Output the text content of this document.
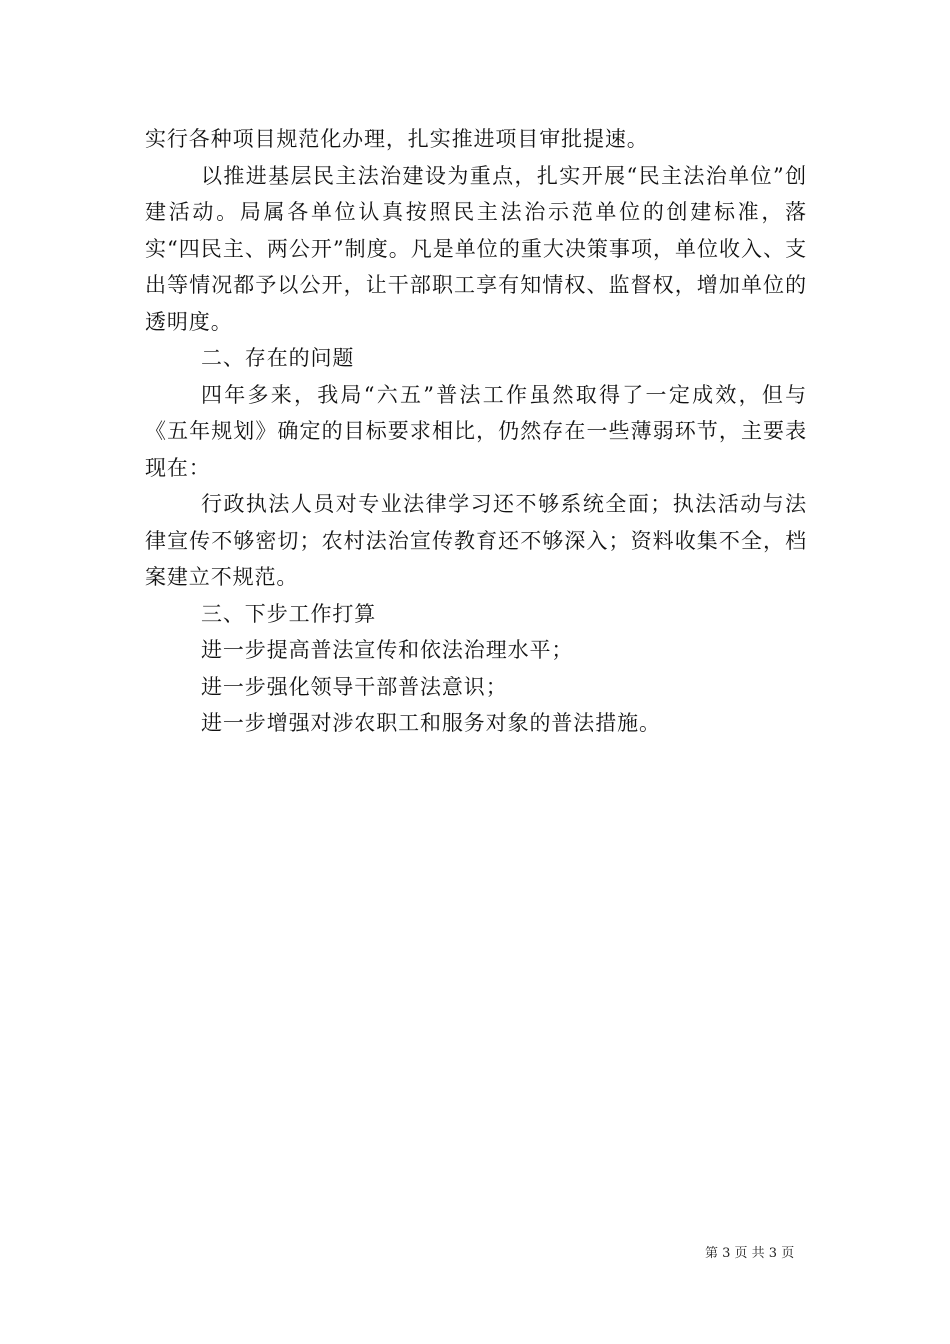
实行各种项目规范化办理，扎实推进项目审批提速。

以推进基层民主法治建设为重点，扎实开展“民主法治单位”创建活动。局属各单位认真按照民主法治示范单位的创建标准，落实“四民主、两公开”制度。凡是单位的重大决策事项，单位收入、支出等情况都予以公开，让干部职工享有知情权、监督权，增加单位的透明度。

二、存在的问题

四年多来，我局“六五”普法工作虽然取得了一定成效，但与《五年规划》确定的目标要求相比，仍然存在一些薄弱环节，主要表现在：

行政执法人员对专业法律学习还不够系统全面；执法活动与法律宣传不够密切；农村法治宣传教育还不够深入；资料收集不全，档案建立不规范。

三、下步工作打算

进一步提高普法宣传和依法治理水平；

进一步强化领导干部普法意识；

进一步增强对涉农职工和服务对象的普法措施。

第 3 页 共 3 页
